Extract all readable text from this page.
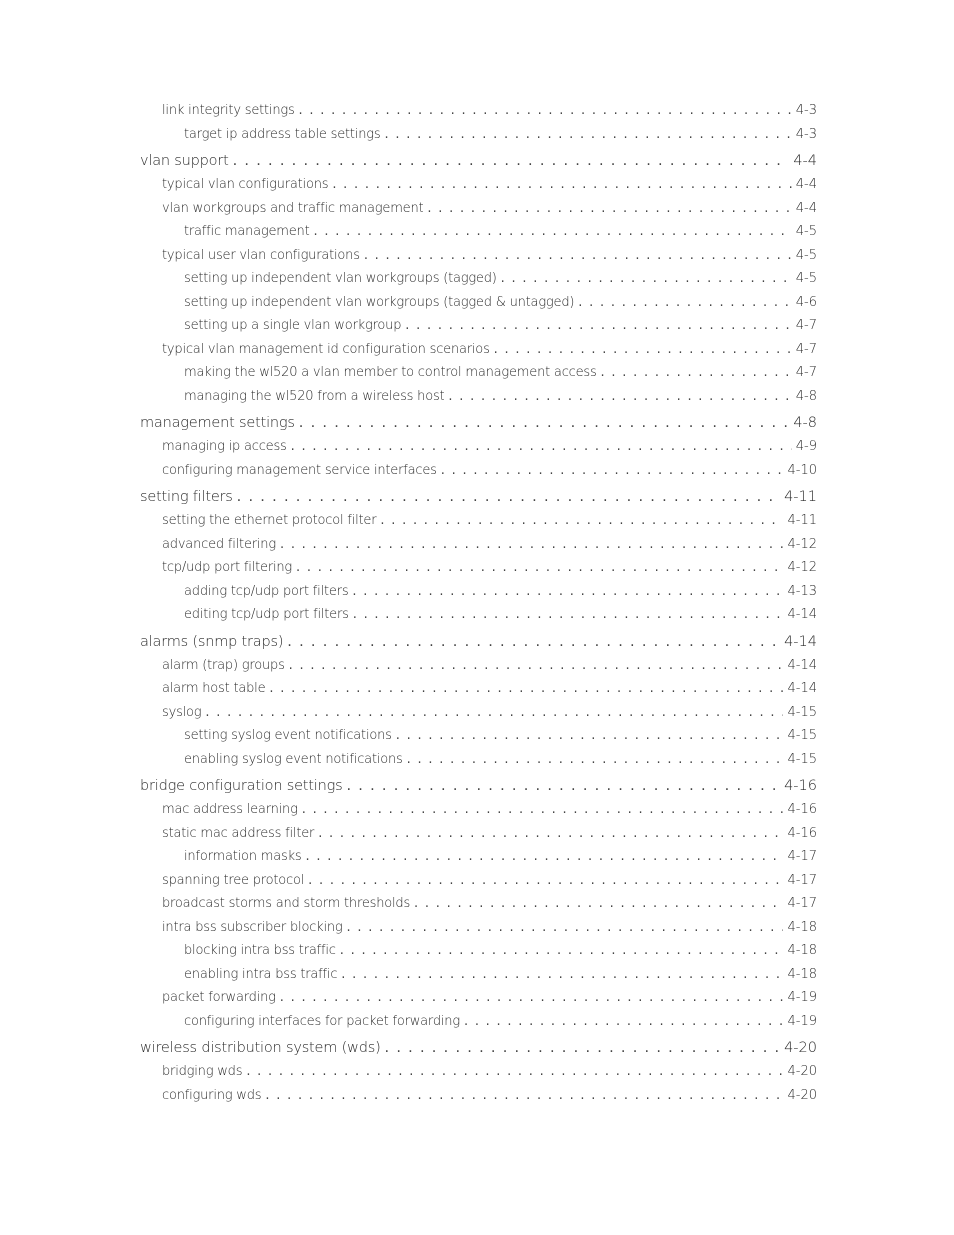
link integrity settings . . .	4-3
target ip address table settings . . .	4-3
vlan support . . .	4-4
typical vlan configurations . . .	4-4
vlan workgroups and traffic management . . .	4-4
traffic management . . .	4-5
typical user vlan configurations . . .	4-5
setting up independent vlan workgroups (tagged) . . .	4-5
setting up independent vlan workgroups (tagged & untagged) . . .	4-6
setting up a single vlan workgroup . . .	4-7
typical vlan management id configuration scenarios . . .	4-7
making the wl520 a vlan member to control management access . . .	4-7
managing the wl520 from a wireless host . . .	4-8
management settings . . .	4-8
managing ip access . . .	4-9
configuring management service interfaces . . .	4-10
setting filters . . .	4-11
setting the ethernet protocol filter . . .	4-11
advanced filtering . . .	4-12
tcp/udp port filtering . . .	4-12
adding tcp/udp port filters . . .	4-13
editing tcp/udp port filters . . .	4-14
alarms (snmp traps) . . .	4-14
alarm (trap) groups . . .	4-14
alarm host table . . .	4-14
syslog . . .	4-15
setting syslog event notifications . . .	4-15
enabling syslog event notifications . . .	4-15
bridge configuration settings . . .	4-16
mac address learning . . .	4-16
static mac address filter . . .	4-16
information masks . . .	4-17
spanning tree protocol . . .	4-17
broadcast storms and storm thresholds . . .	4-17
intra bss subscriber blocking . . .	4-18
blocking intra bss traffic . . .	4-18
enabling intra bss traffic . . .	4-18
packet forwarding . . .	4-19
configuring interfaces for packet forwarding . . .	4-19
wireless distribution system (wds) . . .	4-20
bridging wds . . .	4-20
configuring wds . . .	4-20
